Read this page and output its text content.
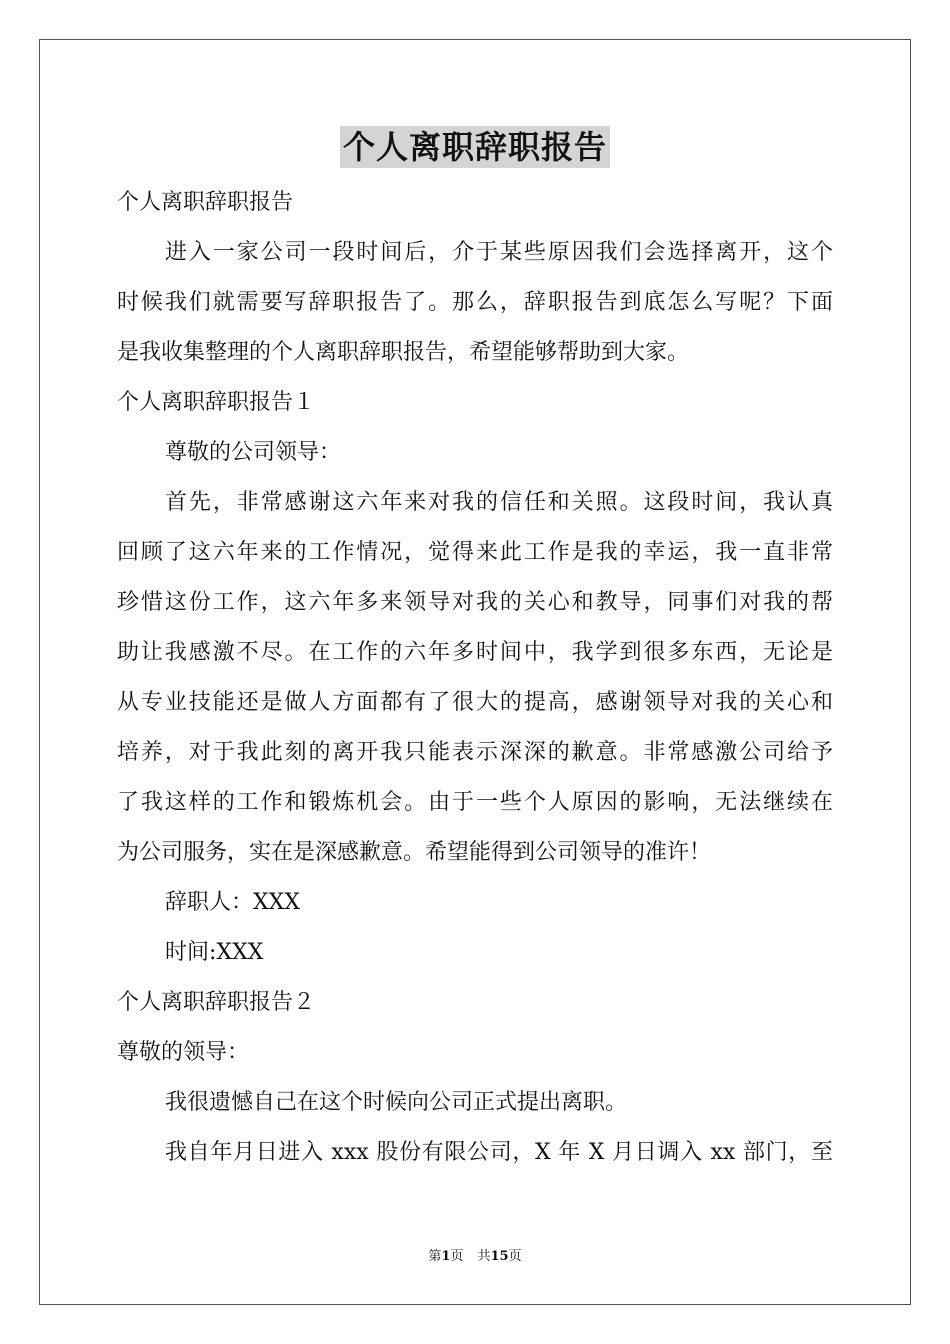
个人离职辞职报告
个人离职辞职报告
进入一家公司一段时间后，介于某些原因我们会选择离开，这个
时候我们就需要写辞职报告了。那么，辞职报告到底怎么写呢？下面
是我收集整理的个人离职辞职报告，希望能够帮助到大家。
个人离职辞职报告１
尊敬的公司领导：
首先，非常感谢这六年来对我的信任和关照。这段时间，我认真
回顾了这六年来的工作情况，觉得来此工作是我的幸运，我一直非常
珍惜这份工作，这六年多来领导对我的关心和教导，同事们对我的帮
助让我感激不尽。在工作的六年多时间中，我学到很多东西，无论是
从专业技能还是做人方面都有了很大的提高，感谢领导对我的关心和
培养，对于我此刻的离开我只能表示深深的歉意。非常感激公司给予
了我这样的工作和锻炼机会。由于一些个人原因的影响，无法继续在
为公司服务，实在是深感歉意。希望能得到公司领导的准许！
辞职人：XXX
时间:XXX
个人离职辞职报告２
尊敬的领导：
我很遗憾自己在这个时候向公司正式提出离职。
我自年月日进入 xxx 股份有限公司，X 年 X 月日调入 xx 部门，至
第1页 共15页
